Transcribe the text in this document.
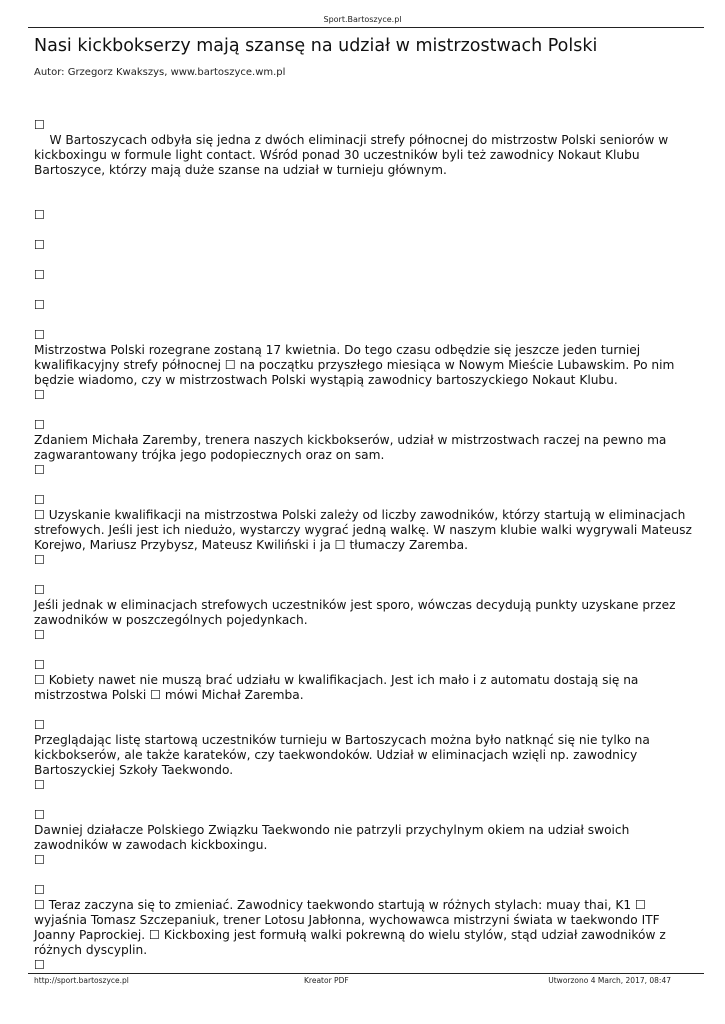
Sport.Bartoszyce.pl
Nasi kickbokserzy mają szansę na udział w mistrzostwach Polski
Autor: Grzegorz Kwakszys, www.bartoszyce.wm.pl

☐

W Bartoszycach odbyła się jedna z dwóch eliminacji strefy północnej do mistrzostw Polski seniorów w kickboxingu w formule light contact. Wśród ponad 30 uczestników byli też zawodnicy Nokaut Klubu Bartoszyce, którzy mają duże szanse na udział w turnieju głównym.

☐

☐

☐

☐

☐

Mistrzostwa Polski rozegrane zostaną 17 kwietnia. Do tego czasu odbędzie się jeszcze jeden turniej kwalifikacyjny strefy północnej ☐ na początku przyszłego miesiąca w Nowym Mieście Lubawskim. Po nim będzie wiadomo, czy w mistrzostwach Polski wystąpią zawodnicy bartoszyckiego Nokaut Klubu.

☐

☐

Zdaniem Michała Zaremby, trenera naszych kickbokserów, udział w mistrzostwach raczej na pewno ma zagwarantowany trójka jego podopiecznych oraz on sam.

☐

☐

☐ Uzyskanie kwalifikacji na mistrzostwa Polski zależy od liczby zawodników, którzy startują w eliminacjach strefowych. Jeśli jest ich niedużo, wystarczy wygrać jedną walkę. W naszym klubie walki wygrywali Mateusz Korejwo, Mariusz Przybysz, Mateusz Kwiliński i ja ☐ tłumaczy Zaremba.

☐

☐

Jeśli jednak w eliminacjach strefowych uczestników jest sporo, wówczas decydują punkty uzyskane przez zawodników w poszczególnych pojedynkach.

☐

☐

☐ Kobiety nawet nie muszą brać udziału w kwalifikacjach. Jest ich mało i z automatu dostają się na mistrzostwa Polski ☐ mówi Michał Zaremba.

☐

Przeglądając listę startową uczestników turnieju w Bartoszycach można było natknąć się nie tylko na kickbokserów, ale także karateków, czy taekwondoków. Udział w eliminacjach wzięli np. zawodnicy Bartoszyckiej Szkoły Taekwondo.

☐

☐

Dawniej działacze Polskiego Związku Taekwondo nie patrzyli przychylnym okiem na udział swoich zawodników w zawodach kickboxingu.

☐

☐

☐ Teraz zaczyna się to zmieniać. Zawodnicy taekwondo startują w różnych stylach: muay thai, K1 ☐ wyjaśnia Tomasz Szczepaniuk, trener Lotosu Jabłonna, wychowawca mistrzyni świata w taekwondo ITF Joanny Paprockiej. ☐ Kickboxing jest formułą walki pokrewną do wielu stylów, stąd udział zawodników z różnych dyscyplin.

☐

http://sport.bartoszyce.pl	Kreator PDF	Utworzono 4 March, 2017, 08:47
